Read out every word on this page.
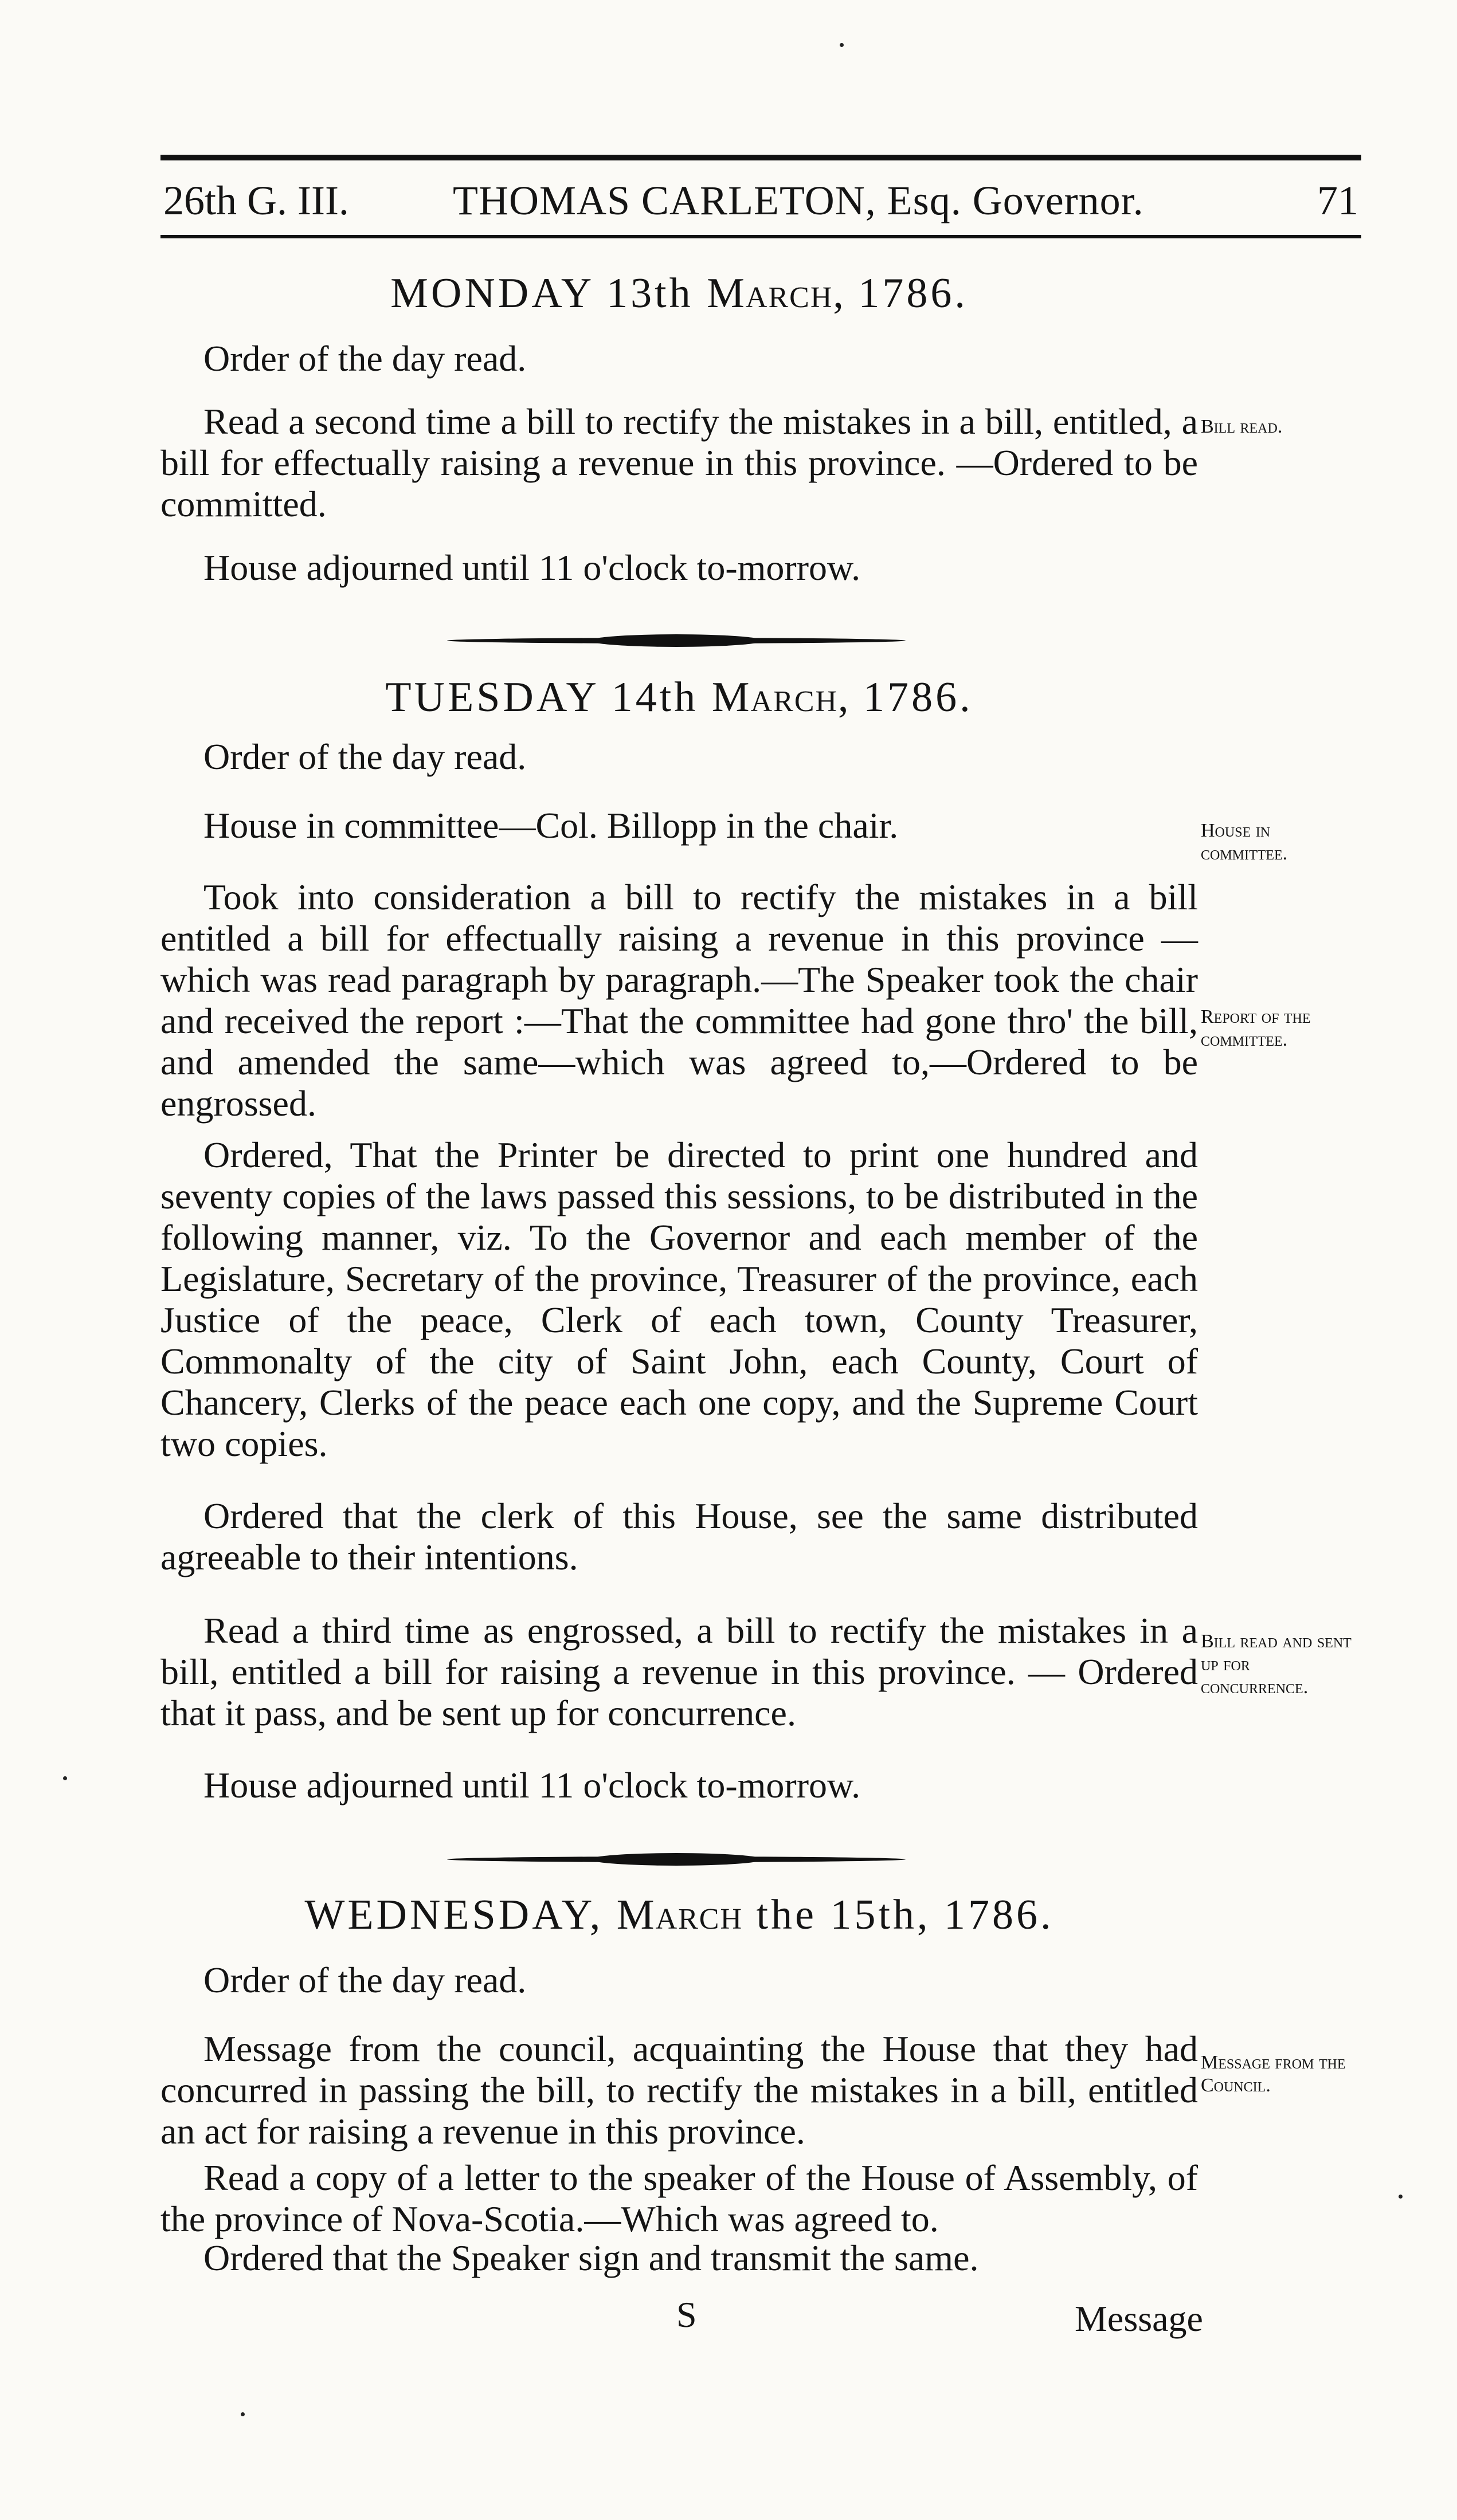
26th G. III.	THOMAS CARLETON, Esq. Governor.	71
MONDAY 13th March, 1786.
Order of the day read.
Read a second time a bill to rectify the mistakes in a bill, entitled, a bill for effectually raising a revenue in this province. —Ordered to be committed.
Bill read.
House adjourned until 11 o'clock to-morrow.
TUESDAY 14th March, 1786.
Order of the day read.
House in committee—Col. Billopp in the chair.	House in committee.
Took into consideration a bill to rectify the mistakes in a bill entitled a bill for effectually raising a revenue in this province —which was read paragraph by paragraph.—The Speaker took the chair and received the report :—That the committee had gone thro' the bill, and amended the same—which was agreed to,—Ordered to be engrossed.
Report of the committee.
Ordered, That the Printer be directed to print one hundred and seventy copies of the laws passed this sessions, to be distributed in the following manner, viz. To the Governor and each member of the Legislature, Secretary of the province, Treasurer of the province, each Justice of the peace, Clerk of each town, County Treasurer, Commonalty of the city of Saint John, each County, Court of Chancery, Clerks of the peace each one copy, and the Supreme Court two copies.
Ordered that the clerk of this House, see the same distributed agreeable to their intentions.
Read a third time as engrossed, a bill to rectify the mistakes in a bill, entitled a bill for raising a revenue in this province. — Ordered that it pass, and be sent up for concurrence.
Bill read and sent up for concurrence.
House adjourned until 11 o'clock to-morrow.
WEDNESDAY, March the 15th, 1786.
Order of the day read.
Message from the council, acquainting the House that they had concurred in passing the bill, to rectify the mistakes in a bill, entitled an act for raising a revenue in this province.
Message from the Council.
Read a copy of a letter to the speaker of the House of Assembly, of the province of Nova-Scotia.—Which was agreed to.
Ordered that the Speaker sign and transmit the same.
S	Message
